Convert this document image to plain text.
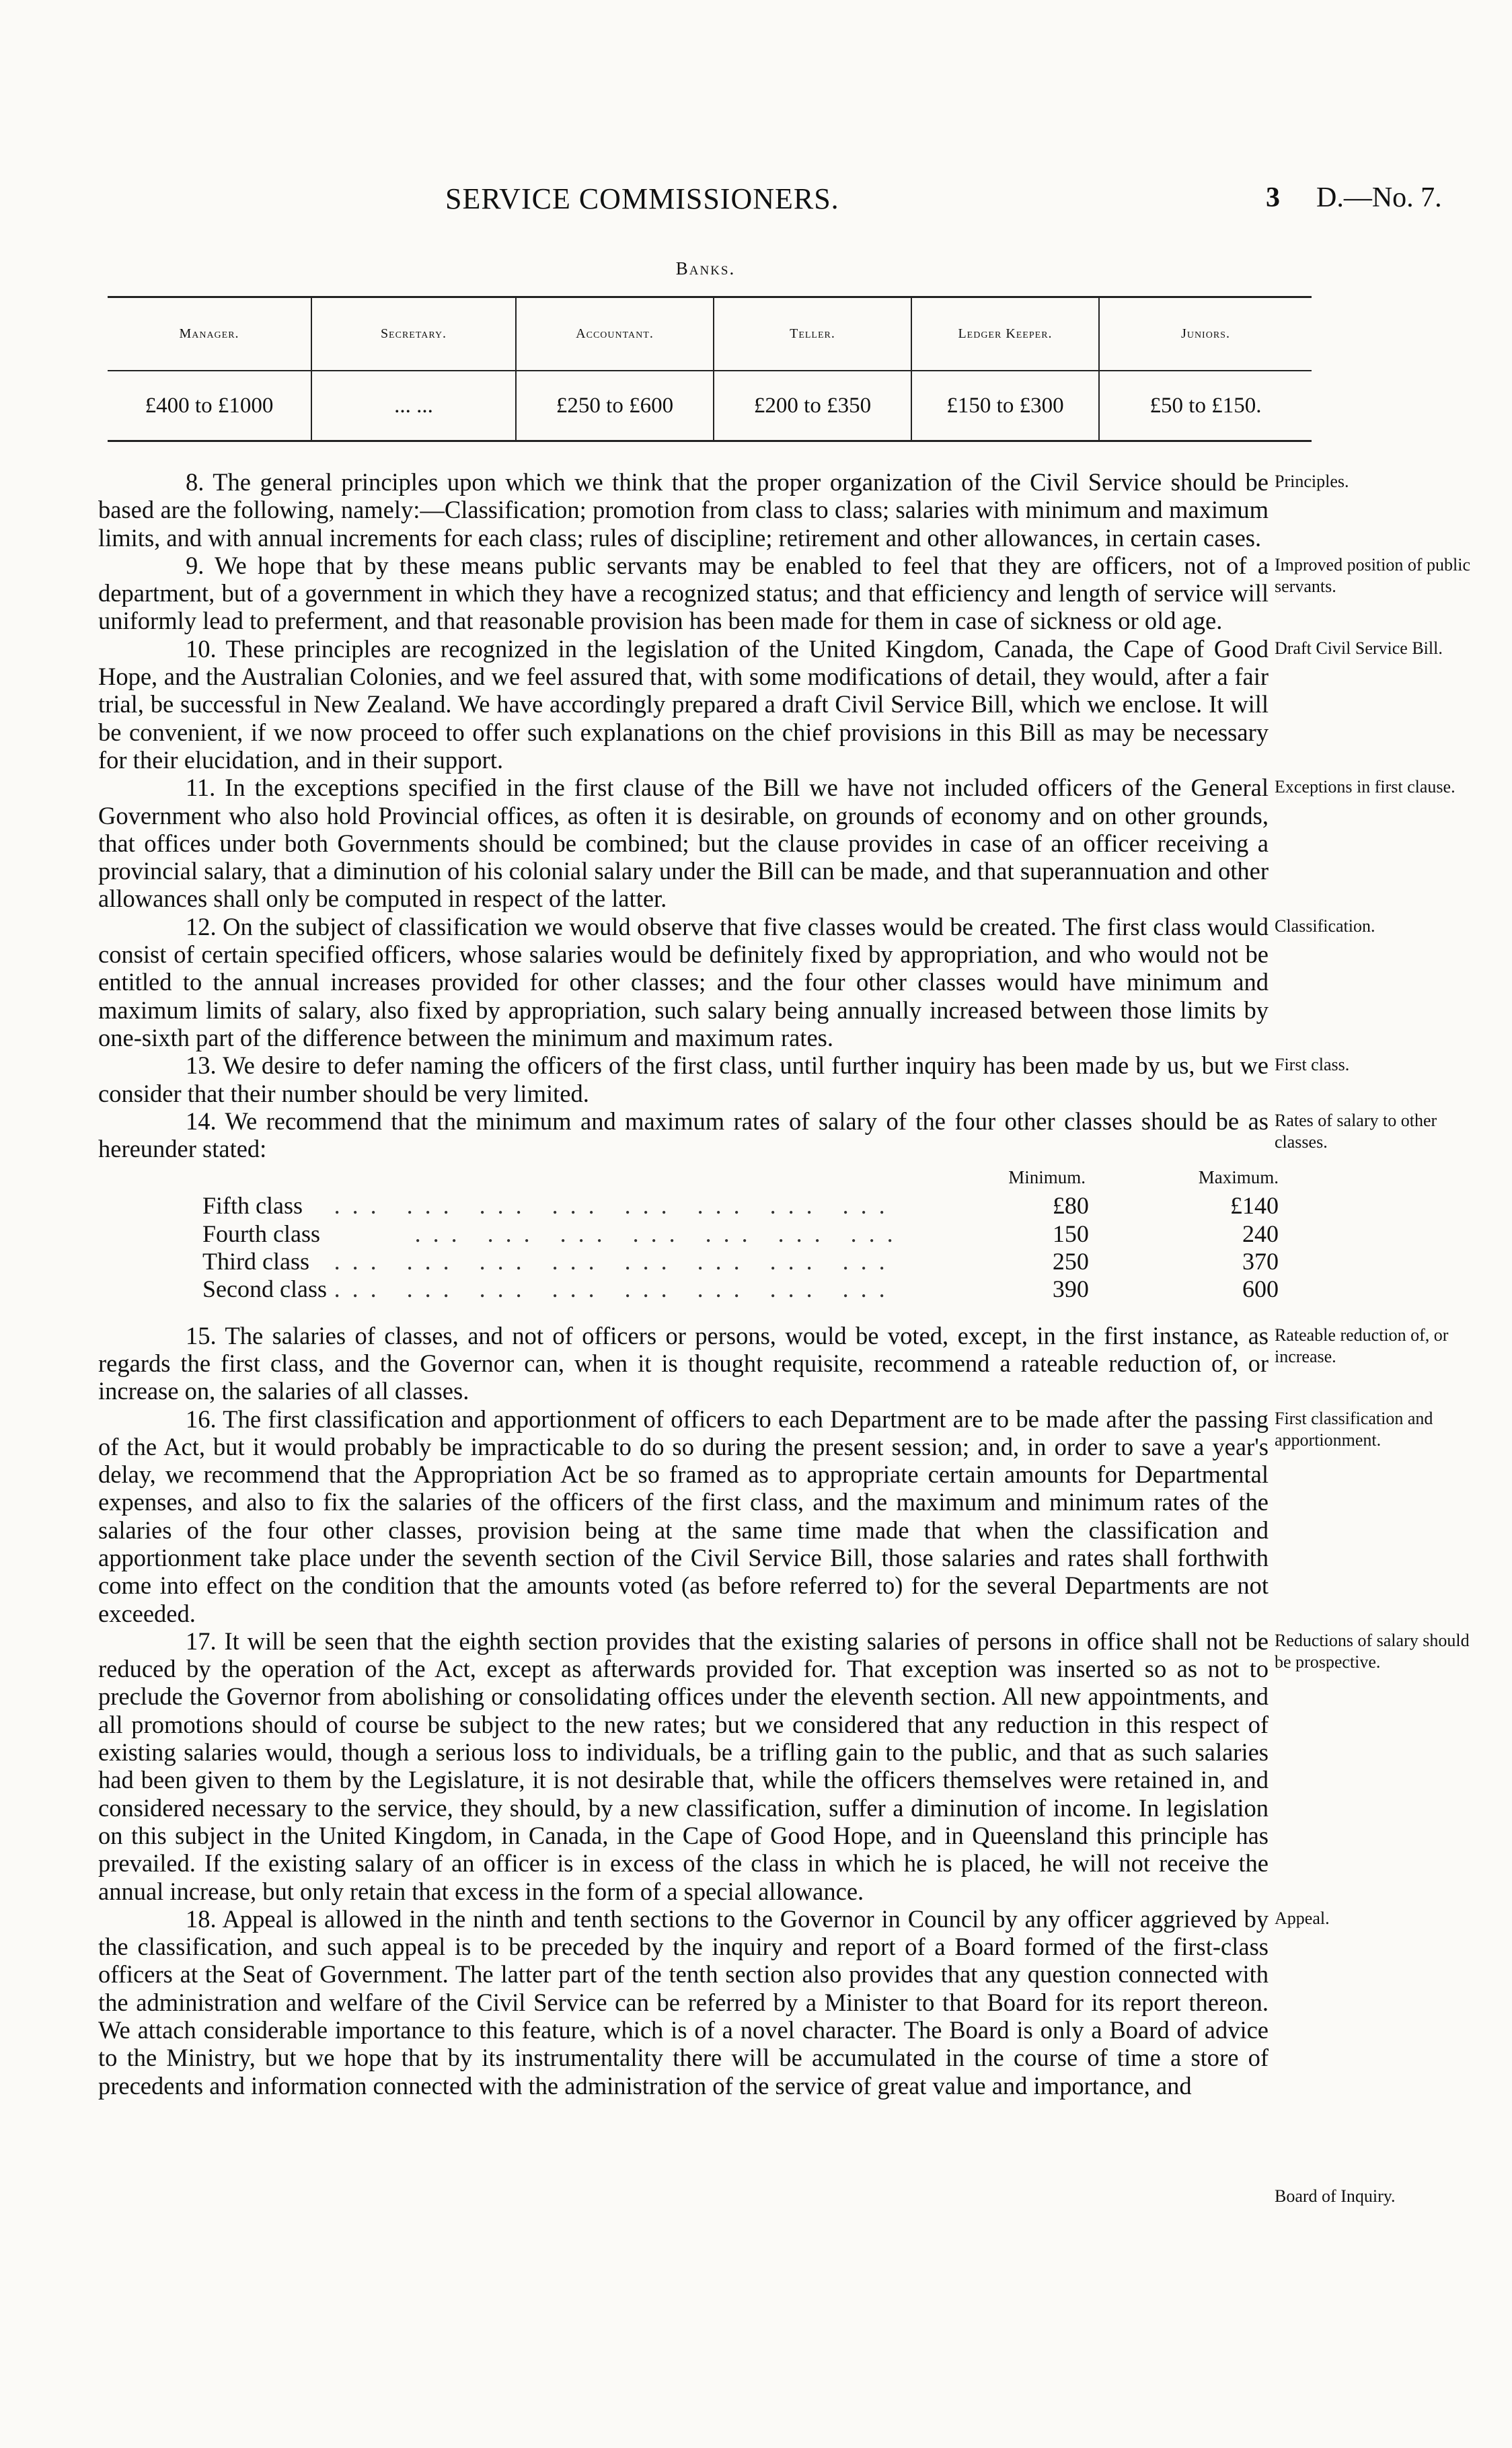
SERVICE COMMISSIONERS.	3 D.—No. 7.
Banks.
Manager.	Secretary.	Accountant.	Teller.	Ledger Keeper.	Juniors.
£400 to £1000	... ...	£250 to £600	£200 to £350	£150 to £300	£50 to £150.

8. The general principles upon which we think that the proper organization of the Civil Service should be based are the following, namely:—Classification; promotion from class to class; salaries with minimum and maximum limits, and with annual increments for each class; rules of discipline; retirement and other allowances, in certain cases.

9. We hope that by these means public servants may be enabled to feel that they are officers, not of a department, but of a government in which they have a recognized status; and that efficiency and length of service will uniformly lead to preferment, and that reasonable provision has been made for them in case of sickness or old age.

10. These principles are recognized in the legislation of the United Kingdom, Canada, the Cape of Good Hope, and the Australian Colonies, and we feel assured that, with some modifications of detail, they would, after a fair trial, be successful in New Zealand. We have accordingly prepared a draft Civil Service Bill, which we enclose. It will be convenient, if we now proceed to offer such explanations on the chief provisions in this Bill as may be necessary for their elucidation, and in their support.

11. In the exceptions specified in the first clause of the Bill we have not included officers of the General Government who also hold Provincial offices, as often it is desirable, on grounds of economy and on other grounds, that offices under both Governments should be combined; but the clause provides in case of an officer receiving a provincial salary, that a diminution of his colonial salary under the Bill can be made, and that superannuation and other allowances shall only be computed in respect of the latter.

12. On the subject of classification we would observe that five classes would be created. The first class would consist of certain specified officers, whose salaries would be definitely fixed by appropriation, and who would not be entitled to the annual increases provided for other classes; and the four other classes would have minimum and maximum limits of salary, also fixed by appropriation, such salary being annually increased between those limits by one-sixth part of the difference between the minimum and maximum rates.

13. We desire to defer naming the officers of the first class, until further inquiry has been made by us, but we consider that their number should be very limited.

14. We recommend that the minimum and maximum rates of salary of the four other classes should be as hereunder stated:

		Minimum.	Maximum.
Fifth class	... ... ... ... ... ... ... ...	£80	£140
Fourth class	... ... ... ... ... ... ...	150	240
Third class	... ... ... ... ... ... ... ...	250	370
Second class	... ... ... ... ... ... ... ...	390	600

15. The salaries of classes, and not of officers or persons, would be voted, except, in the first instance, as regards the first class, and the Governor can, when it is thought requisite, recommend a rateable reduction of, or increase on, the salaries of all classes.

16. The first classification and apportionment of officers to each Department are to be made after the passing of the Act, but it would probably be impracticable to do so during the present session; and, in order to save a year's delay, we recommend that the Appropriation Act be so framed as to appropriate certain amounts for Departmental expenses, and also to fix the salaries of the officers of the first class, and the maximum and minimum rates of the salaries of the four other classes, provision being at the same time made that when the classification and apportionment take place under the seventh section of the Civil Service Bill, those salaries and rates shall forthwith come into effect on the condition that the amounts voted (as before referred to) for the several Departments are not exceeded.

17. It will be seen that the eighth section provides that the existing salaries of persons in office shall not be reduced by the operation of the Act, except as afterwards provided for. That exception was inserted so as not to preclude the Governor from abolishing or consolidating offices under the eleventh section. All new appointments, and all promotions should of course be subject to the new rates; but we considered that any reduction in this respect of existing salaries would, though a serious loss to individuals, be a trifling gain to the public, and that as such salaries had been given to them by the Legislature, it is not desirable that, while the officers themselves were retained in, and considered necessary to the service, they should, by a new classification, suffer a diminution of income. In legislation on this subject in the United Kingdom, in Canada, in the Cape of Good Hope, and in Queensland this principle has prevailed. If the existing salary of an officer is in excess of the class in which he is placed, he will not receive the annual increase, but only retain that excess in the form of a special allowance.

18. Appeal is allowed in the ninth and tenth sections to the Governor in Council by any officer aggrieved by the classification, and such appeal is to be preceded by the inquiry and report of a Board formed of the first-class officers at the Seat of Government. The latter part of the tenth section also provides that any question connected with the administration and welfare of the Civil Service can be referred by a Minister to that Board for its report thereon. We attach considerable importance to this feature, which is of a novel character. The Board is only a Board of advice to the Ministry, but we hope that by its instrumentality there will be accumulated in the course of time a store of precedents and information connected with the administration of the service of great value and importance, and

Principles.
Improved position of public servants.
Draft Civil Service Bill.
Exceptions in first clause.
Classification.
First class.
Rates of salary to other classes.
Rateable reduction of, or increase.
First classification and apportionment.
Reductions of salary should be prospective.
Appeal.
Board of Inquiry.
